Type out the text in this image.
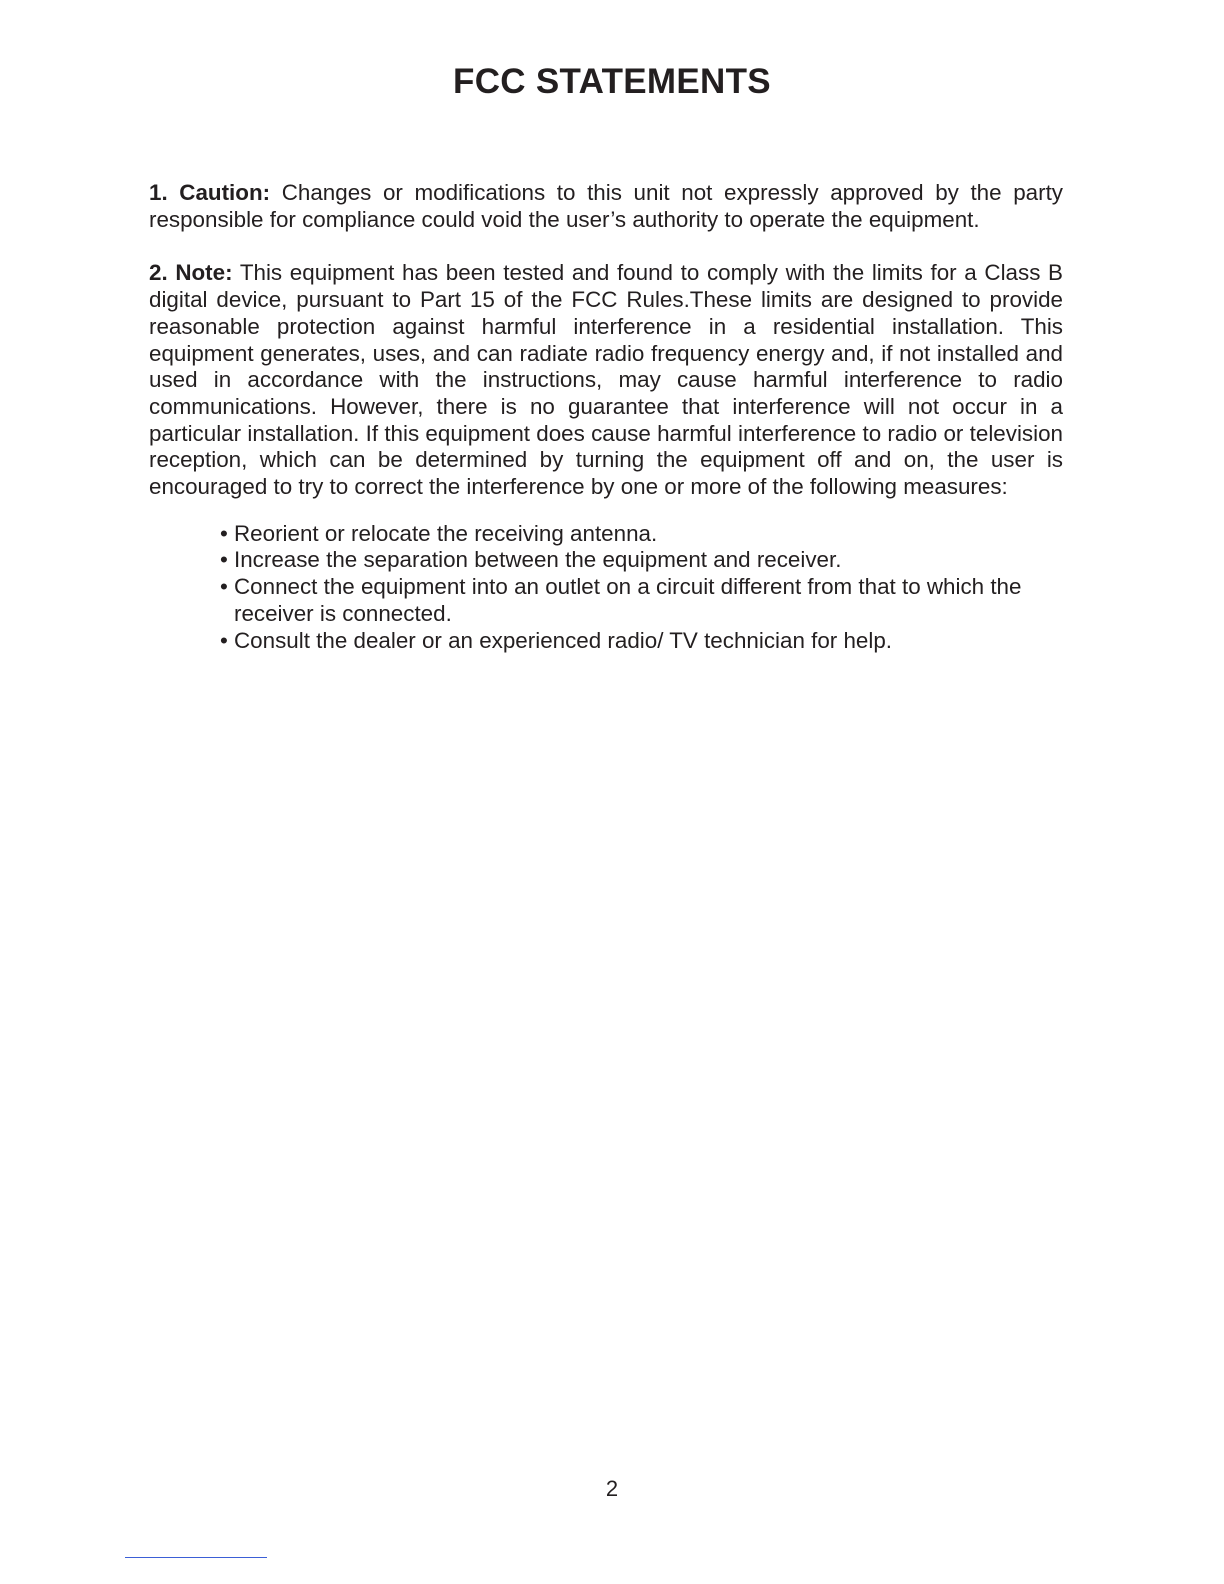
FCC STATEMENTS

1. Caution: Changes or modifications to this unit not expressly approved by the party responsible for compliance could void the user’s authority to operate the equipment.

2. Note: This equipment has been tested and found to comply with the limits for a Class B digital device, pursuant to Part 15 of the FCC Rules.These limits are designed to provide reasonable protection against harmful interference in a residential installation. This equipment generates, uses, and can radiate radio frequency energy and, if not installed and used in accordance with the instructions, may cause harmful interference to radio communications. However, there is no guarantee that interference will not occur in a particular installation. If this equipment does cause harmful interference to radio or television reception, which can be determined by turning the equipment off and on, the user is encouraged to try to correct the interference by one or more of the following measures:

• Reorient or relocate the receiving antenna.
• Increase the separation between the equipment and receiver.
• Connect the equipment into an outlet on a circuit different from that to which the receiver is connected.
• Consult the dealer or an experienced radio/ TV technician for help.
2
